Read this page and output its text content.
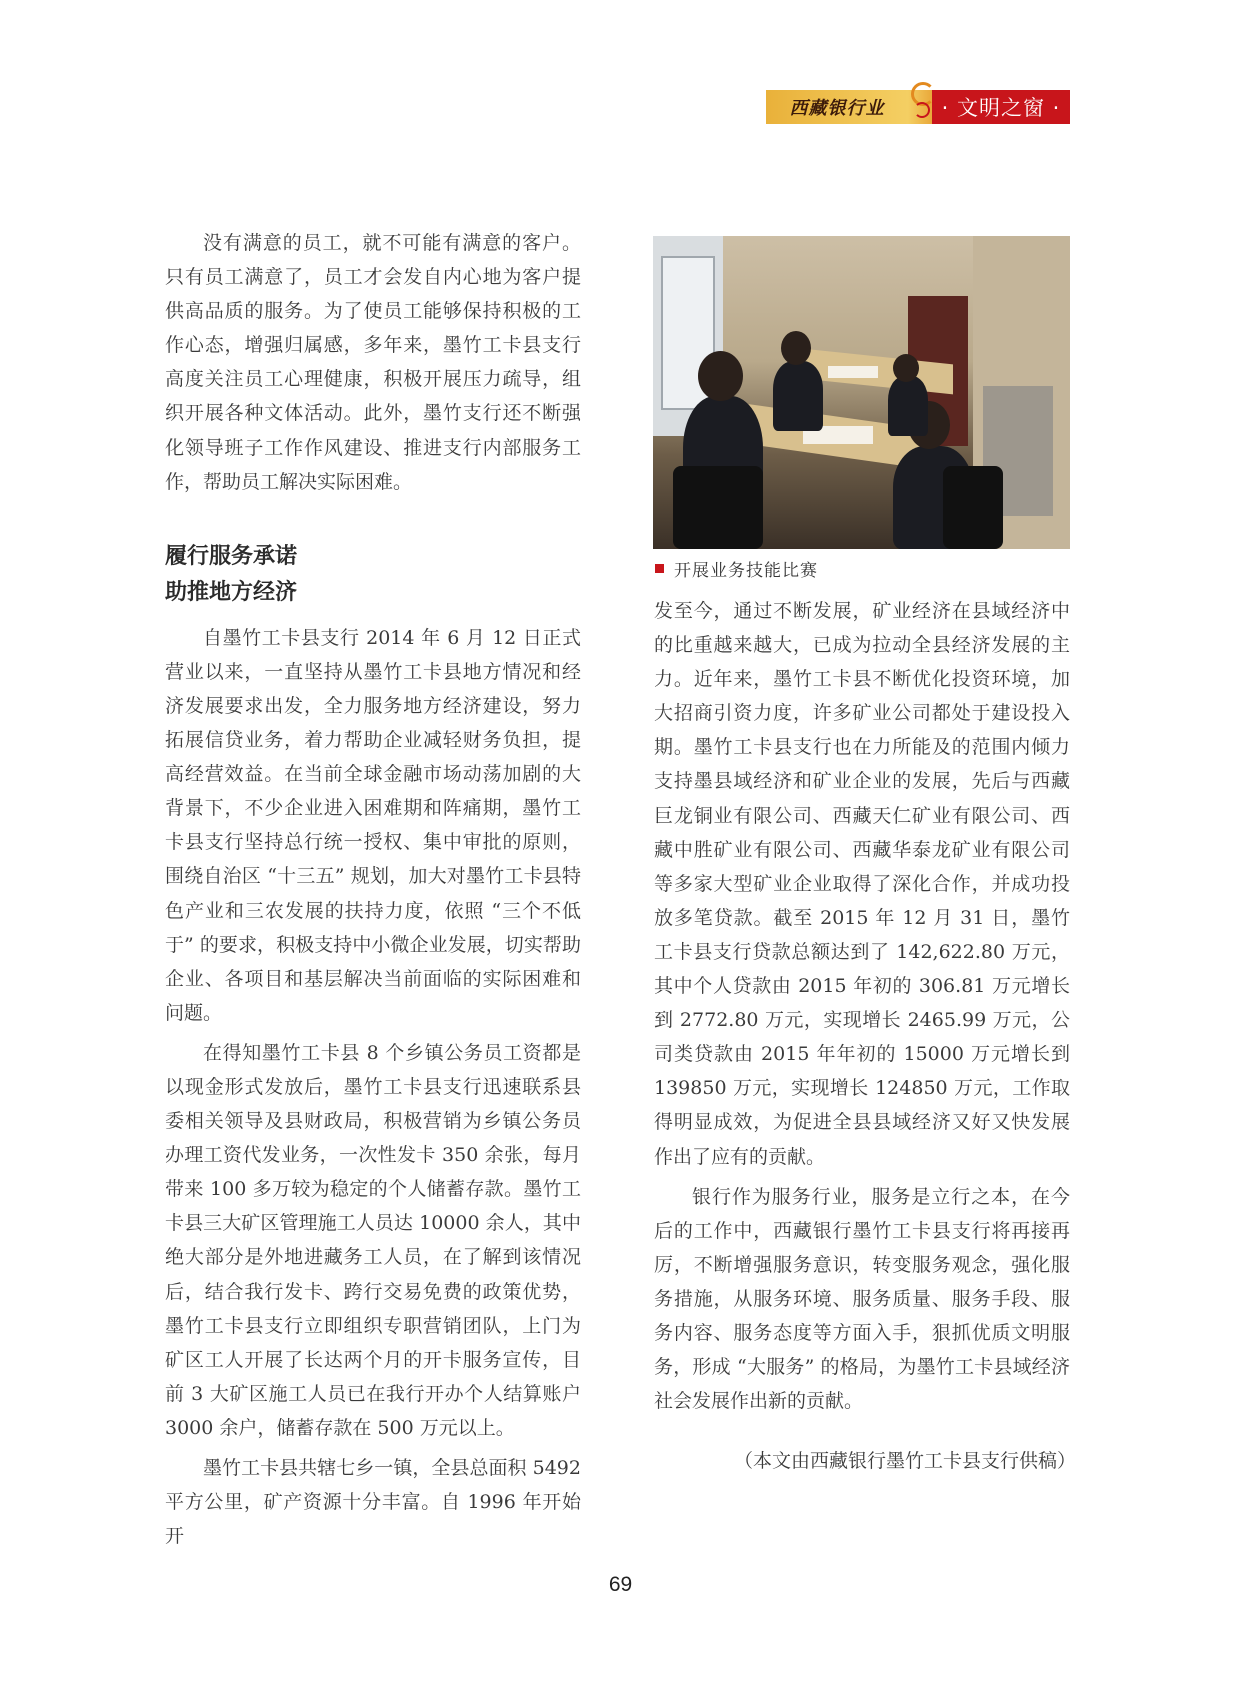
西藏银行业	· 文明之窗 ·

没有满意的员工，就不可能有满意的客户。只有员工满意了，员工才会发自内心地为客户提供高品质的服务。为了使员工能够保持积极的工作心态，增强归属感，多年来，墨竹工卡县支行高度关注员工心理健康，积极开展压力疏导，组织开展各种文体活动。此外，墨竹支行还不断强化领导班子工作作风建设、推进支行内部服务工作，帮助员工解决实际困难。

履行服务承诺
助推地方经济

自墨竹工卡县支行 2014 年 6 月 12 日正式营业以来，一直坚持从墨竹工卡县地方情况和经济发展要求出发，全力服务地方经济建设，努力拓展信贷业务，着力帮助企业减轻财务负担，提高经营效益。在当前全球金融市场动荡加剧的大背景下，不少企业进入困难期和阵痛期，墨竹工卡县支行坚持总行统一授权、集中审批的原则，围绕自治区 “十三五” 规划，加大对墨竹工卡县特色产业和三农发展的扶持力度，依照 “三个不低于” 的要求，积极支持中小微企业发展，切实帮助企业、各项目和基层解决当前面临的实际困难和问题。

在得知墨竹工卡县 8 个乡镇公务员工资都是以现金形式发放后，墨竹工卡县支行迅速联系县委相关领导及县财政局，积极营销为乡镇公务员办理工资代发业务，一次性发卡 350 余张，每月带来 100 多万较为稳定的个人储蓄存款。墨竹工卡县三大矿区管理施工人员达 10000 余人，其中绝大部分是外地进藏务工人员，在了解到该情况后，结合我行发卡、跨行交易免费的政策优势，墨竹工卡县支行立即组织专职营销团队，上门为矿区工人开展了长达两个月的开卡服务宣传，目前 3 大矿区施工人员已在我行开办个人结算账户 3000 余户，储蓄存款在 500 万元以上。

墨竹工卡县共辖七乡一镇，全县总面积 5492 平方公里，矿产资源十分丰富。自 1996 年开始开

开展业务技能比赛

发至今，通过不断发展，矿业经济在县域经济中的比重越来越大，已成为拉动全县经济发展的主力。近年来，墨竹工卡县不断优化投资环境，加大招商引资力度，许多矿业公司都处于建设投入期。墨竹工卡县支行也在力所能及的范围内倾力支持墨县域经济和矿业企业的发展，先后与西藏巨龙铜业有限公司、西藏天仁矿业有限公司、西藏中胜矿业有限公司、西藏华泰龙矿业有限公司等多家大型矿业企业取得了深化合作，并成功投放多笔贷款。截至 2015 年 12 月 31 日，墨竹工卡县支行贷款总额达到了 142,622.80 万元，其中个人贷款由 2015 年初的 306.81 万元增长到 2772.80 万元，实现增长 2465.99 万元，公司类贷款由 2015 年年初的 15000 万元增长到 139850 万元，实现增长 124850 万元，工作取得明显成效，为促进全县县域经济又好又快发展作出了应有的贡献。

银行作为服务行业，服务是立行之本，在今后的工作中，西藏银行墨竹工卡县支行将再接再厉，不断增强服务意识，转变服务观念，强化服务措施，从服务环境、服务质量、服务手段、服务内容、服务态度等方面入手，狠抓优质文明服务，形成 “大服务” 的格局，为墨竹工卡县域经济社会发展作出新的贡献。

（本文由西藏银行墨竹工卡县支行供稿）
69
